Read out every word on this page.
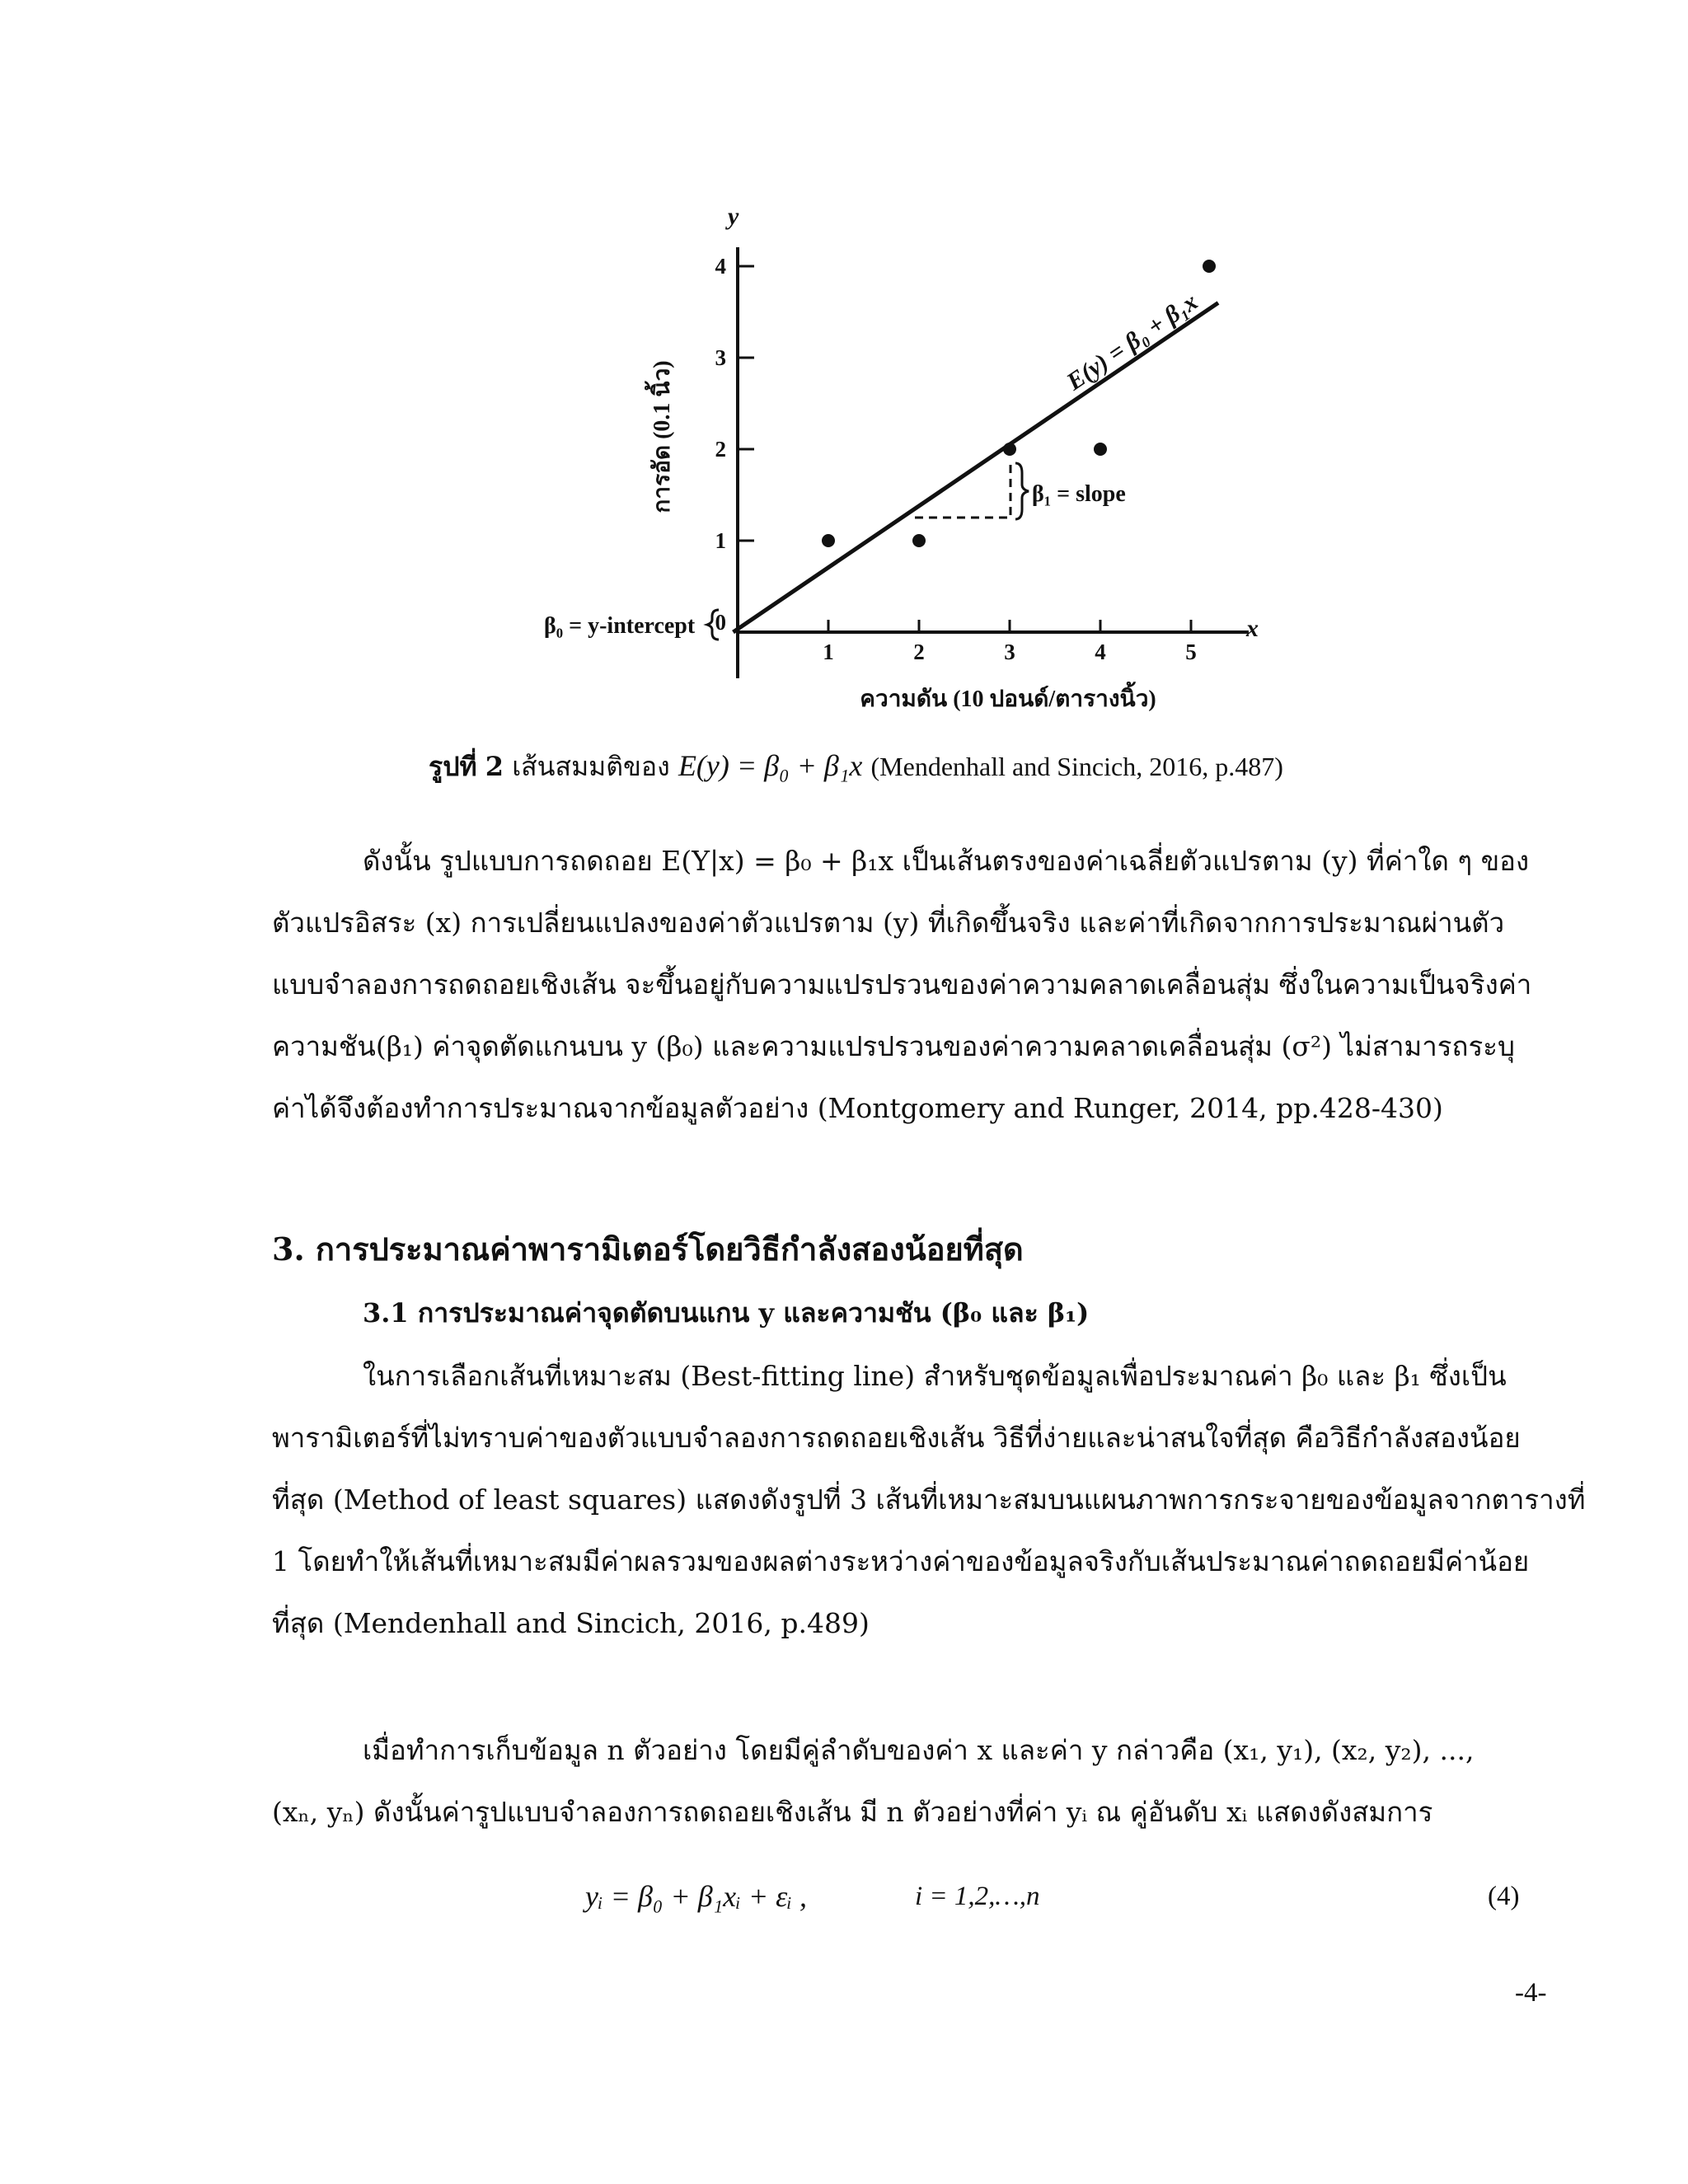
y
x
1	2	3	4	5
0
1
2
3
4
E(y) = β₀ + β₁x
β₁ = slope
β₀ = y-intercept
การอัด (0.1 นิ้ว)
ความดัน (10 ปอนด์/ตารางนิ้ว)
รูปที่ 2 เส้นสมมติของ E(y) = β₀ + β₁x (Mendenhall and Sincich, 2016, p.487)
ดังนั้น รูปแบบการถดถอย E(Y|x) = β₀ + β₁x เป็นเส้นตรงของค่าเฉลี่ยตัวแปรตาม (y) ที่ค่าใด ๆ ของ
ตัวแปรอิสระ (x) การเปลี่ยนแปลงของค่าตัวแปรตาม (y) ที่เกิดขึ้นจริง และค่าที่เกิดจากการประมาณผ่านตัว
แบบจำลองการถดถอยเชิงเส้น จะขึ้นอยู่กับความแปรปรวนของค่าความคลาดเคลื่อนสุ่ม ซึ่งในความเป็นจริงค่า
ความชัน(β₁) ค่าจุดตัดแกนบน y (β₀) และความแปรปรวนของค่าความคลาดเคลื่อนสุ่ม (σ²) ไม่สามารถระบุ
ค่าได้จึงต้องทำการประมาณจากข้อมูลตัวอย่าง (Montgomery and Runger, 2014, pp.428-430)
3. การประมาณค่าพารามิเตอร์โดยวิธีกำลังสองน้อยที่สุด
3.1 การประมาณค่าจุดตัดบนแกน y และความชัน (β₀ และ β₁)
ในการเลือกเส้นที่เหมาะสม (Best-fitting line) สำหรับชุดข้อมูลเพื่อประมาณค่า β₀ และ β₁ ซึ่งเป็น
พารามิเตอร์ที่ไม่ทราบค่าของตัวแบบจำลองการถดถอยเชิงเส้น วิธีที่ง่ายและน่าสนใจที่สุด คือวิธีกำลังสองน้อย
ที่สุด (Method of least squares) แสดงดังรูปที่ 3 เส้นที่เหมาะสมบนแผนภาพการกระจายของข้อมูลจากตารางที่
1 โดยทำให้เส้นที่เหมาะสมมีค่าผลรวมของผลต่างระหว่างค่าของข้อมูลจริงกับเส้นประมาณค่าถดถอยมีค่าน้อย
ที่สุด (Mendenhall and Sincich, 2016, p.489)
เมื่อทำการเก็บข้อมูล n ตัวอย่าง โดยมีคู่ลำดับของค่า x และค่า y กล่าวคือ (x₁, y₁), (x₂, y₂), ...,
(xₙ, yₙ) ดังนั้นค่ารูปแบบจำลองการถดถอยเชิงเส้น มี n ตัวอย่างที่ค่า yᵢ ณ คู่อันดับ xᵢ แสดงดังสมการ
yᵢ = β₀ + β₁xᵢ + εᵢ ,	i = 1,2,…,n	(4)
-4-
